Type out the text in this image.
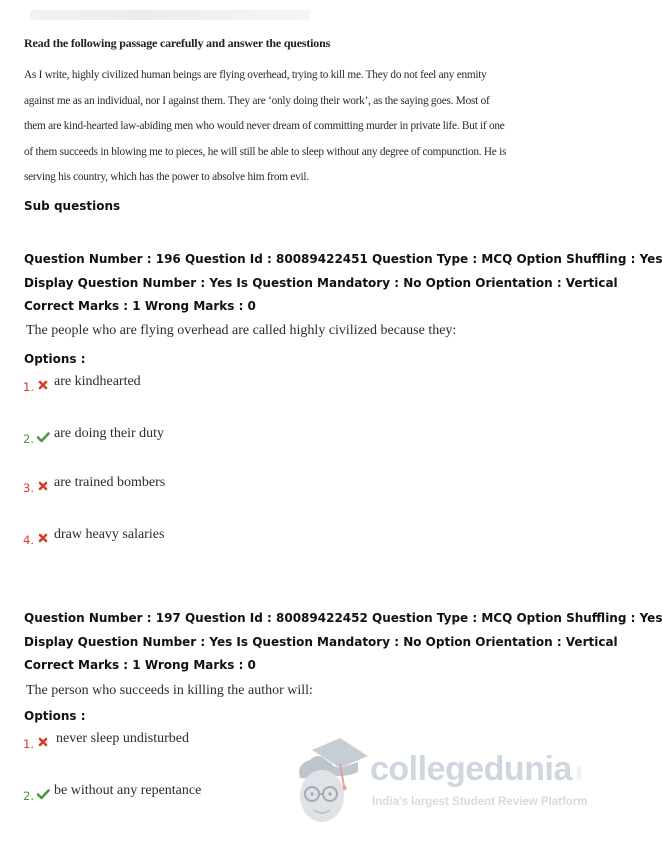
Read the following passage carefully and answer the questions
As I write, highly civilized human beings are flying overhead, trying to kill me. They do not feel any enmity
against me as an individual, nor I against them. They are ‘only doing their work’, as the saying goes. Most of
them are kind-hearted law-abiding men who would never dream of committing murder in private life. But if one
of them succeeds in blowing me to pieces, he will still be able to sleep without any degree of compunction. He is
serving his country, which has the power to absolve him from evil.
Sub questions
Question Number : 196 Question Id : 80089422451 Question Type : MCQ Option Shuffling : Yes
Display Question Number : Yes Is Question Mandatory : No Option Orientation : Vertical
Correct Marks : 1 Wrong Marks : 0
The people who are flying overhead are called highly civilized because they:
Options :
1. are kindhearted
2. are doing their duty
3. are trained bombers
4. draw heavy salaries
Question Number : 197 Question Id : 80089422452 Question Type : MCQ Option Shuffling : Yes
Display Question Number : Yes Is Question Mandatory : No Option Orientation : Vertical
Correct Marks : 1 Wrong Marks : 0
The person who succeeds in killing the author will:
Options :
1. never sleep undisturbed
2. be without any repentance
collegedunia .com
India's largest Student Review Platform
